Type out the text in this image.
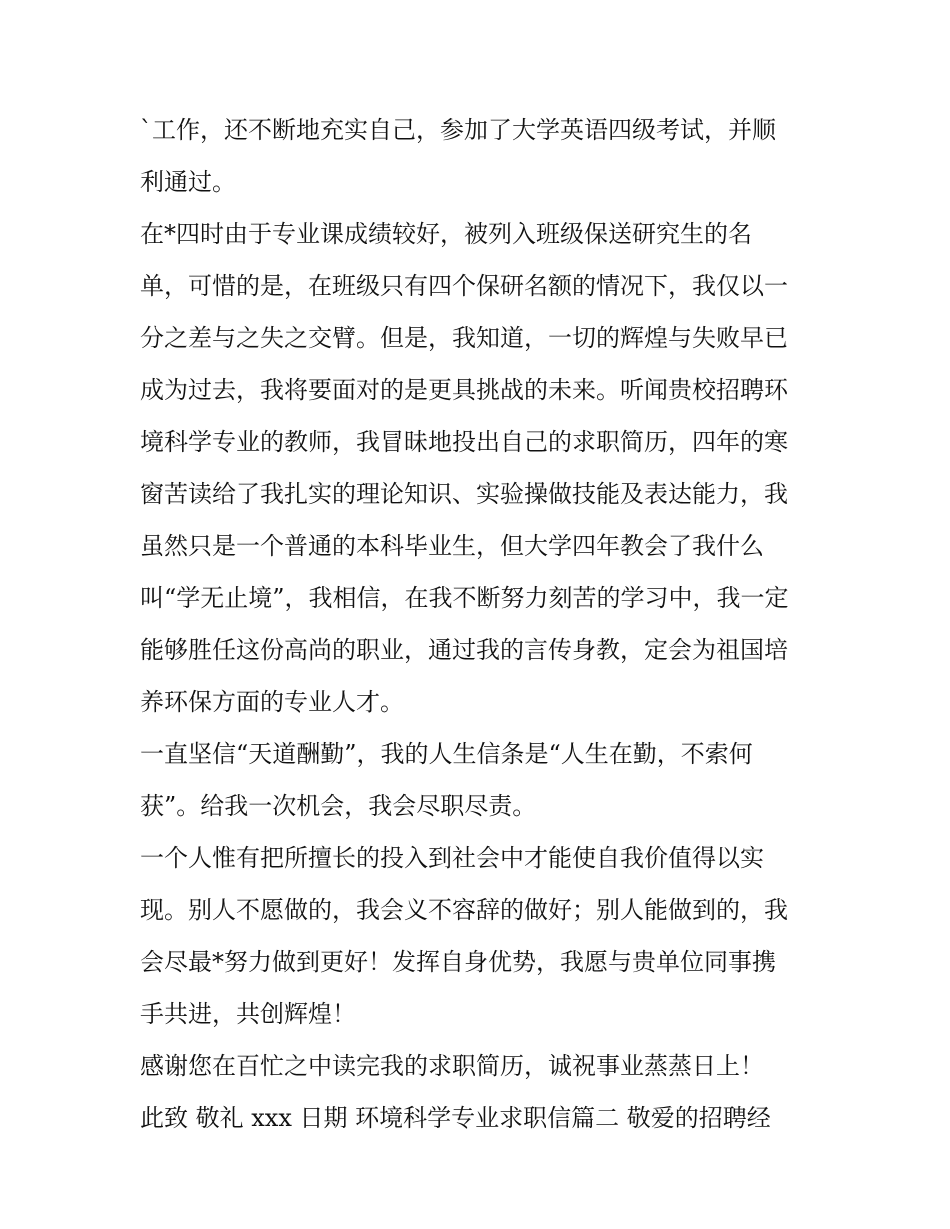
`工作，还不断地充实自己，参加了大学英语四级考试，并顺
利通过。
在*四时由于专业课成绩较好，被列入班级保送研究生的名
单，可惜的是，在班级只有四个保研名额的情况下，我仅以一
分之差与之失之交臂。但是，我知道，一切的辉煌与失败早已
成为过去，我将要面对的是更具挑战的未来。听闻贵校招聘环
境科学专业的教师，我冒昧地投出自己的求职简历，四年的寒
窗苦读给了我扎实的理论知识、实验操做技能及表达能力，我
虽然只是一个普通的本科毕业生，但大学四年教会了我什么
叫“学无止境”，我相信，在我不断努力刻苦的学习中，我一定
能够胜任这份高尚的职业，通过我的言传身教，定会为祖国培
养环保方面的专业人才。
一直坚信“天道酬勤”，我的人生信条是“人生在勤，不索何
获”。给我一次机会，我会尽职尽责。
一个人惟有把所擅长的投入到社会中才能使自我价值得以实
现。别人不愿做的，我会义不容辞的做好；别人能做到的，我
会尽最*努力做到更好！发挥自身优势，我愿与贵单位同事携
手共进，共创辉煌！
感谢您在百忙之中读完我的求职简历，诚祝事业蒸蒸日上！
此致 敬礼 xxx 日期 环境科学专业求职信篇二 敬爱的招聘经
